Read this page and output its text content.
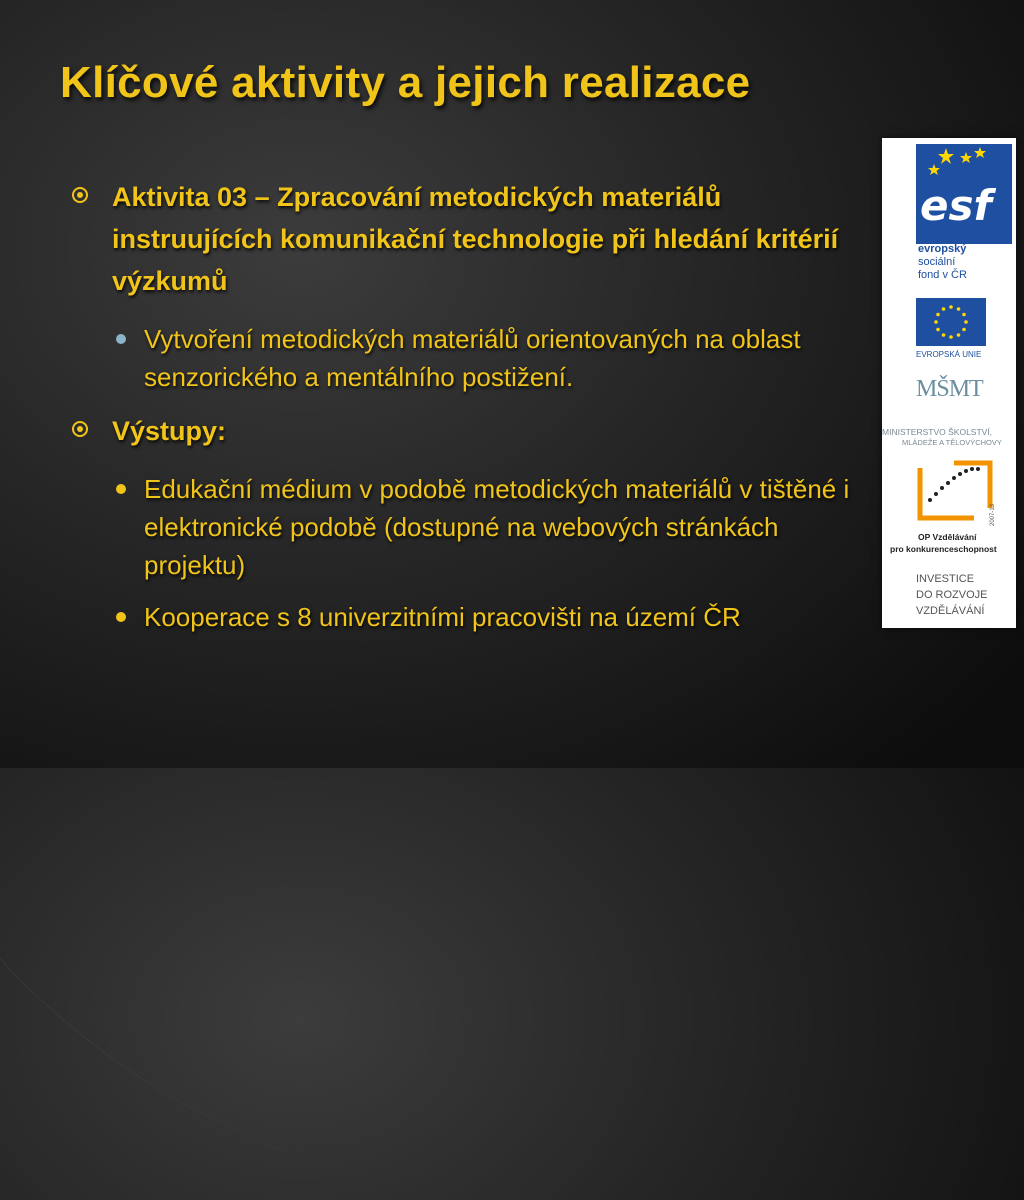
Klíčové aktivity a jejich realizace
Aktivita 03 – Zpracování metodických materiálů instruujících komunikační technologie při hledání kritérií výzkumů
Vytvoření metodických materiálů orientovaných na oblast senzorického a mentálního postižení.
Výstupy:
Edukační médium v podobě metodických materiálů v tištěné i elektronické podobě (dostupné na webových stránkách projektu)
Kooperace s 8 univerzitními pracovišti na území ČR
esf
evropský
sociální
fond v ČR
EVROPSKÁ UNIE
MŠMT
MINISTERSTVO ŠKOLSTVÍ,
MLÁDEŽE A TĚLOVÝCHOVY
2007-13
OP Vzdělávání
pro konkurenceschopnost
INVESTICE
DO ROZVOJE
VZDĚLÁVÁNÍ
